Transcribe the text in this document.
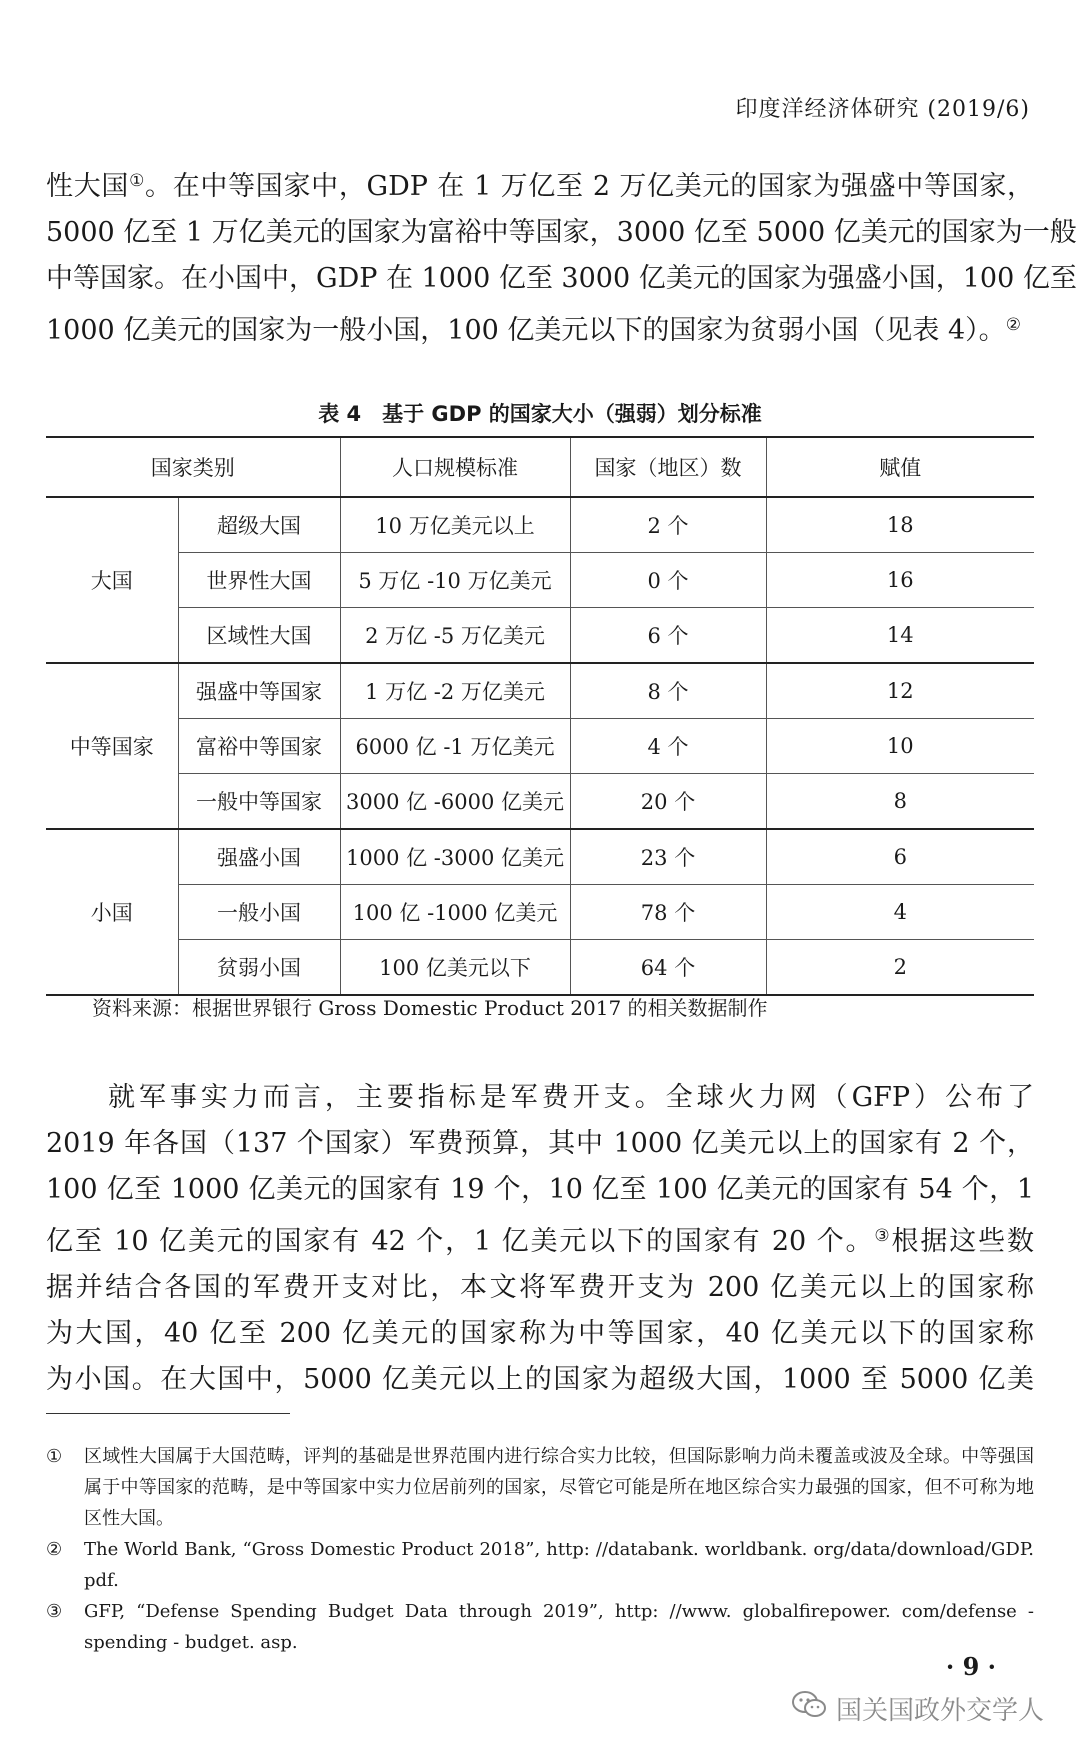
印度洋经济体研究 (2019/6)
性大国①。在中等国家中，GDP 在 1 万亿至 2 万亿美元的国家为强盛中等国家，
5000 亿至 1 万亿美元的国家为富裕中等国家，3000 亿至 5000 亿美元的国家为一般
中等国家。在小国中，GDP 在 1000 亿至 3000 亿美元的国家为强盛小国，100 亿至
1000 亿美元的国家为一般小国，100 亿美元以下的国家为贫弱小国（见表 4）。②
表 4　基于 GDP 的国家大小（强弱）划分标准
国家类别		人口规模标准	国家（地区）数	赋值
大国	超级大国	10 万亿美元以上	2 个	18
	世界性大国	5 万亿 -10 万亿美元	0 个	16
	区域性大国	2 万亿 -5 万亿美元	6 个	14
中等国家	强盛中等国家	1 万亿 -2 万亿美元	8 个	12
	富裕中等国家	6000 亿 -1 万亿美元	4 个	10
	一般中等国家	3000 亿 -6000 亿美元	20 个	8
小国	强盛小国	1000 亿 -3000 亿美元	23 个	6
	一般小国	100 亿 -1000 亿美元	78 个	4
	贫弱小国	100 亿美元以下	64 个	2
资料来源：根据世界银行 Gross Domestic Product 2017 的相关数据制作
　　就军事实力而言，主要指标是军费开支。全球火力网（GFP）公布了
2019 年各国（137 个国家）军费预算，其中 1000 亿美元以上的国家有 2 个，
100 亿至 1000 亿美元的国家有 19 个，10 亿至 100 亿美元的国家有 54 个，1
亿至 10 亿美元的国家有 42 个，1 亿美元以下的国家有 20 个。③根据这些数
据并结合各国的军费开支对比，本文将军费开支为 200 亿美元以上的国家称
为大国，40 亿至 200 亿美元的国家称为中等国家，40 亿美元以下的国家称
为小国。在大国中，5000 亿美元以上的国家为超级大国，1000 至 5000 亿美
① 区域性大国属于大国范畴，评判的基础是世界范围内进行综合实力比较，但国际影响力尚未覆盖或波及全球。中等强国属于中等国家的范畴，是中等国家中实力位居前列的国家，尽管它可能是所在地区综合实力最强的国家，但不可称为地区性大国。
② The World Bank, “Gross Domestic Product 2018”, http: //databank. worldbank. org/data/download/GDP. pdf.
③ GFP, “Defense Spending Budget Data through 2019”, http: //www. globalfirepower. com/defense - spending - budget. asp.
· 9 ·
国关国政外交学人
